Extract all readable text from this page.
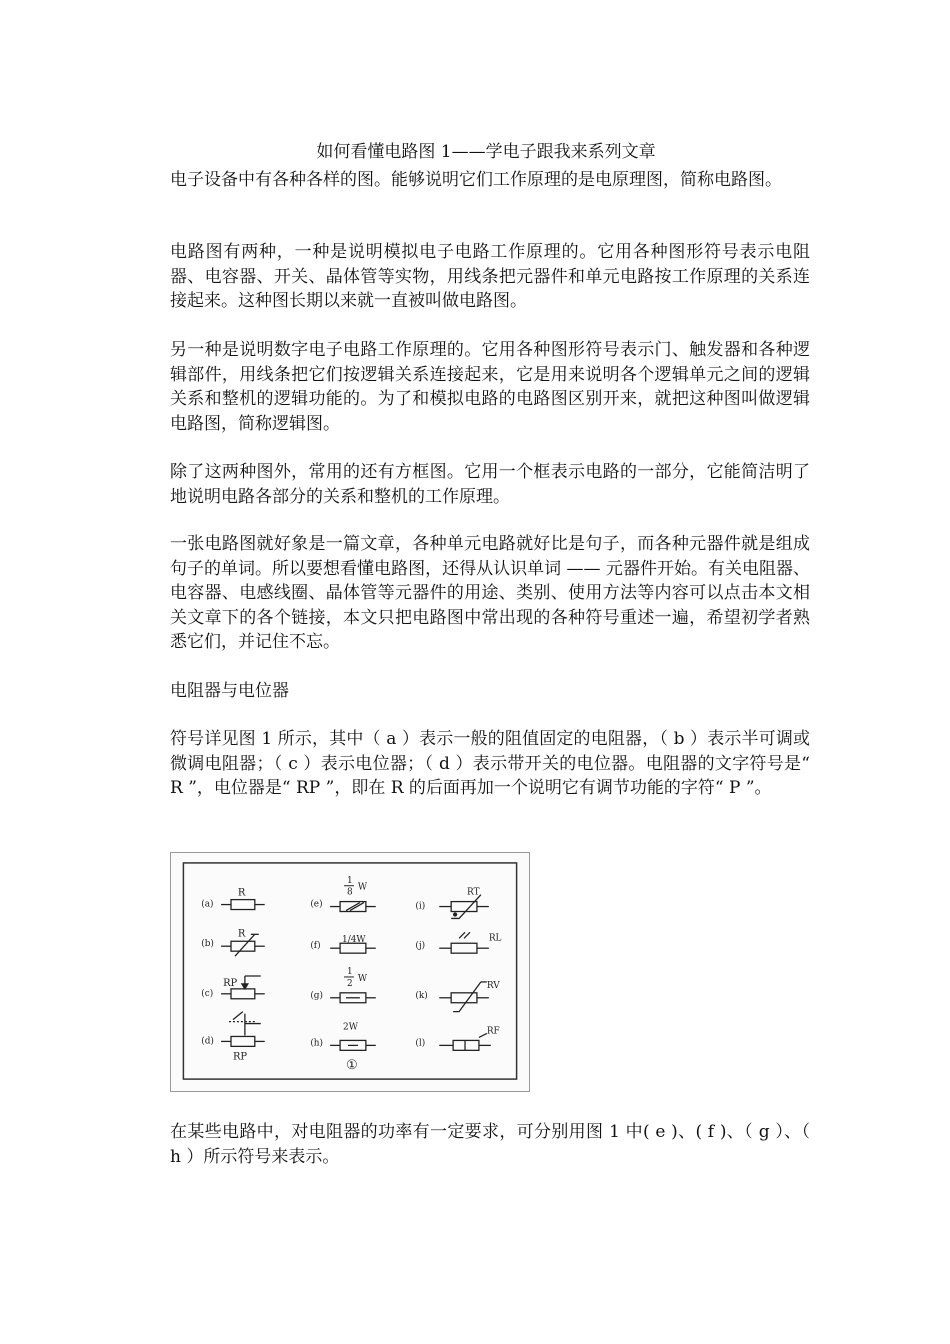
如何看懂电路图 1——学电子跟我来系列文章

电子设备中有各种各样的图。能够说明它们工作原理的是电原理图，简称电路图。

电路图有两种，一种是说明模拟电子电路工作原理的。它用各种图形符号表示电阻器、电容器、开关、晶体管等实物，用线条把元器件和单元电路按工作原理的关系连接起来。这种图长期以来就一直被叫做电路图。

另一种是说明数字电子电路工作原理的。它用各种图形符号表示门、触发器和各种逻辑部件，用线条把它们按逻辑关系连接起来，它是用来说明各个逻辑单元之间的逻辑关系和整机的逻辑功能的。为了和模拟电路的电路图区别开来，就把这种图叫做逻辑电路图，简称逻辑图。

除了这两种图外，常用的还有方框图。它用一个框表示电路的一部分，它能简洁明了地说明电路各部分的关系和整机的工作原理。

一张电路图就好象是一篇文章，各种单元电路就好比是句子，而各种元器件就是组成句子的单词。所以要想看懂电路图，还得从认识单词 —— 元器件开始。有关电阻器、电容器、电感线圈、晶体管等元器件的用途、类别、使用方法等内容可以点击本文相关文章下的各个链接，本文只把电路图中常出现的各种符号重述一遍，希望初学者熟悉它们，并记住不忘。

电阻器与电位器

符号详见图 1 所示，其中（ a ）表示一般的阻值固定的电阻器，（ b ）表示半可调或微调电阻器；（ c ）表示电位器；（ d ）表示带开关的电位器。电阻器的文字符号是“ R ”，电位器是“ RP ”，即在 R 的后面再加一个说明它有调节功能的字符“ P ”。

(a)
(b)
(c)
(d)
R
R
RP
RP
(e)
(f)
(g)
(h)
1
8 W
1/4W
1
2 W
2W
①
(i)
(j)
(k)
(l)
RT
RL
RV
RF

在某些电路中，对电阻器的功率有一定要求，可分别用图 1 中( e )、( f )、（ g ）、（ h ）所示符号来表示。
